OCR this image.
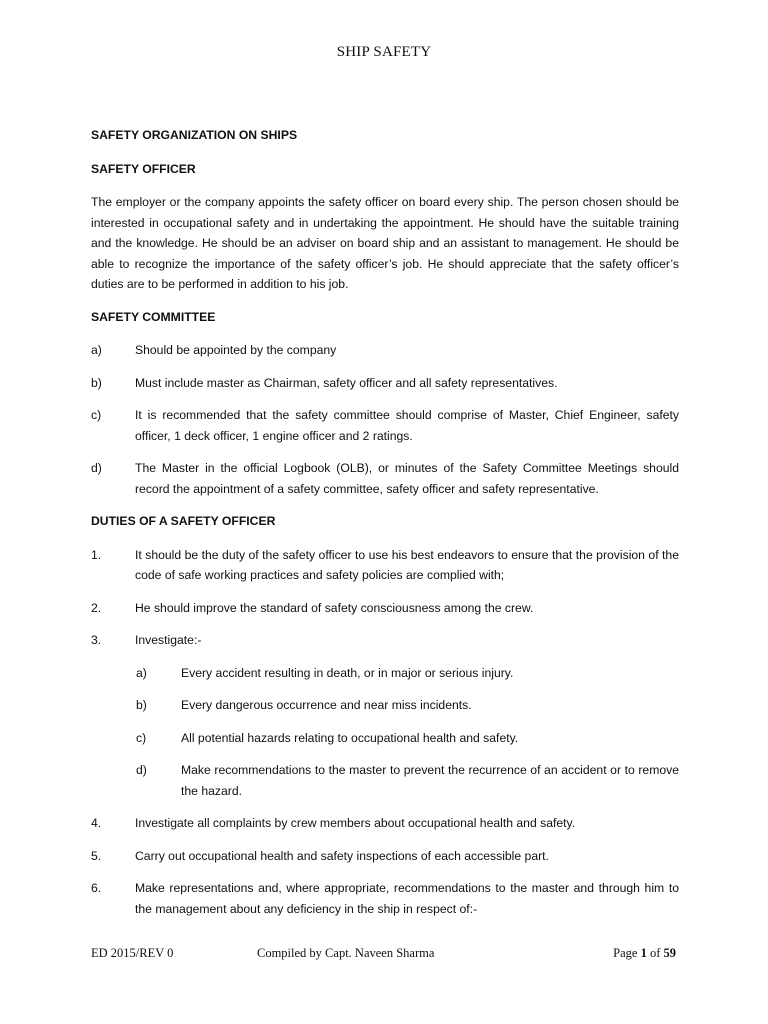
SHIP SAFETY
SAFETY ORGANIZATION ON SHIPS
SAFETY OFFICER
The employer or the company appoints the safety officer on board every ship. The person chosen should be interested in occupational safety and in undertaking the appointment. He should have the suitable training and the knowledge. He should be an adviser on board ship and an assistant to management. He should be able to recognize the importance of the safety officer’s job. He should appreciate that the safety officer’s duties are to be performed in addition to his job.
SAFETY COMMITTEE
a)	Should be appointed by the company
b)	Must include master as Chairman, safety officer and all safety representatives.
c)	It is recommended that the safety committee should comprise of Master, Chief Engineer, safety officer, 1 deck officer, 1 engine officer and 2 ratings.
d)	The Master in the official Logbook (OLB), or minutes of the Safety Committee Meetings should record the appointment of a safety committee, safety officer and safety representative.
DUTIES OF A SAFETY OFFICER
1.	It should be the duty of the safety officer to use his best endeavors to ensure that the provision of the code of safe working practices and safety policies are complied with;
2.	He should improve the standard of safety consciousness among the crew.
3.	Investigate:-
a)	Every accident resulting in death, or in major or serious injury.
b)	Every dangerous occurrence and near miss incidents.
c)	All potential hazards relating to occupational health and safety.
d)	Make recommendations to the master to prevent the recurrence of an accident or to remove the hazard.
4.	Investigate all complaints by crew members about occupational health and safety.
5.	Carry out occupational health and safety inspections of each accessible part.
6.	Make representations and, where appropriate, recommendations to the master and through him to the management about any deficiency in the ship in respect of:-
ED 2015/REV 0	Compiled by Capt. Naveen Sharma	Page 1 of 59
